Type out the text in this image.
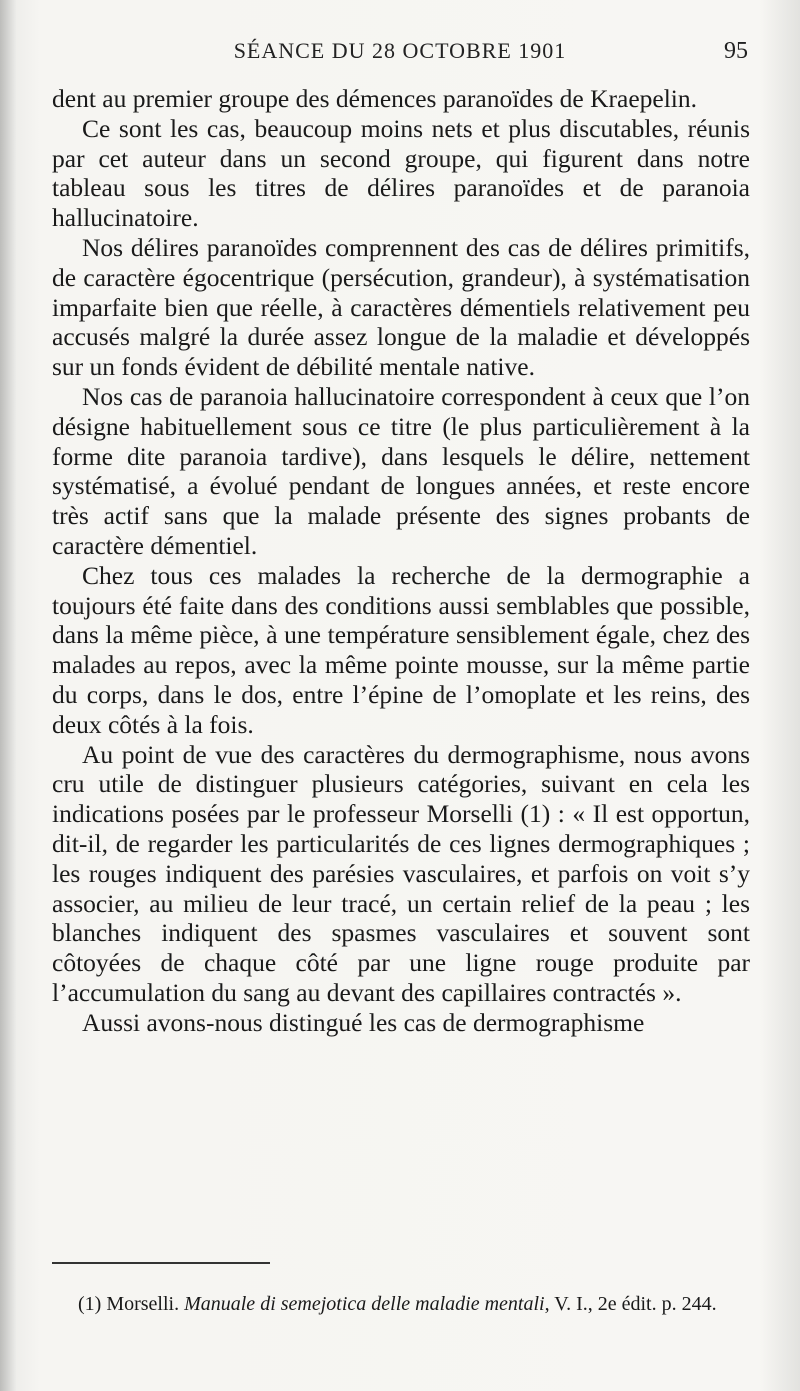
SÉANCE DU 28 OCTOBRE 1901	95

dent au premier groupe des démences paranoïdes de Kraepelin.

Ce sont les cas, beaucoup moins nets et plus discutables, réunis par cet auteur dans un second groupe, qui figurent dans notre tableau sous les titres de délires paranoïdes et de paranoia hallucinatoire.

Nos délires paranoïdes comprennent des cas de délires primitifs, de caractère égocentrique (persécution, grandeur), à systématisation imparfaite bien que réelle, à caractères démentiels relativement peu accusés malgré la durée assez longue de la maladie et développés sur un fonds évident de débilité mentale native.

Nos cas de paranoia hallucinatoire correspondent à ceux que l’on désigne habituellement sous ce titre (le plus particulièrement à la forme dite paranoia tardive), dans lesquels le délire, nettement systématisé, a évolué pendant de longues années, et reste encore très actif sans que la malade présente des signes probants de caractère démentiel.

Chez tous ces malades la recherche de la dermographie a toujours été faite dans des conditions aussi semblables que possible, dans la même pièce, à une température sensiblement égale, chez des malades au repos, avec la même pointe mousse, sur la même partie du corps, dans le dos, entre l’épine de l’omoplate et les reins, des deux côtés à la fois.

Au point de vue des caractères du dermographisme, nous avons cru utile de distinguer plusieurs catégories, suivant en cela les indications posées par le professeur Morselli (1) : « Il est opportun, dit-il, de regarder les particularités de ces lignes dermographiques ; les rouges indiquent des parésies vasculaires, et parfois on voit s’y associer, au milieu de leur tracé, un certain relief de la peau ; les blanches indiquent des spasmes vasculaires et souvent sont côtoyées de chaque côté par une ligne rouge produite par l’accumulation du sang au devant des capillaires contractés ».

Aussi avons-nous distingué les cas de dermographisme

(1) Morselli. Manuale di semejotica delle maladie mentali, V. I., 2e édit. p. 244.
